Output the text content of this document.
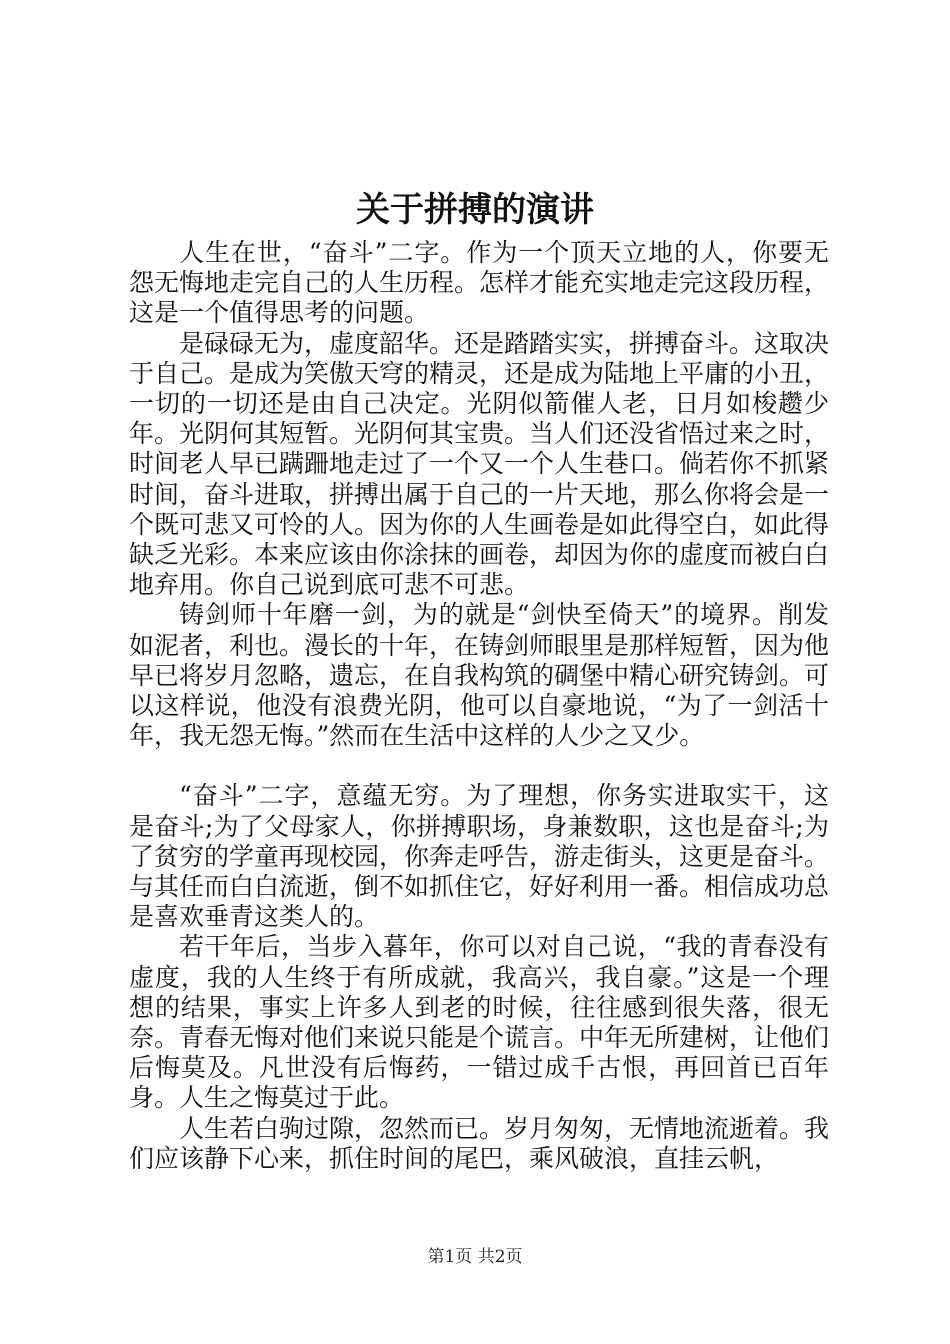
关于拼搏的演讲

人生在世，“奋斗”二字。作为一个顶天立地的人，你要无怨无悔地走完自己的人生历程。怎样才能充实地走完这段历程，这是一个值得思考的问题。

是碌碌无为，虚度韶华。还是踏踏实实，拼搏奋斗。这取决于自己。是成为笑傲天穹的精灵，还是成为陆地上平庸的小丑，一切的一切还是由自己决定。光阴似箭催人老，日月如梭趱少年。光阴何其短暂。光阴何其宝贵。当人们还没省悟过来之时，时间老人早已蹒跚地走过了一个又一个人生巷口。倘若你不抓紧时间，奋斗进取，拼搏出属于自己的一片天地，那么你将会是一个既可悲又可怜的人。因为你的人生画卷是如此得空白，如此得缺乏光彩。本来应该由你涂抹的画卷，却因为你的虚度而被白白地弃用。你自己说到底可悲不可悲。

铸剑师十年磨一剑，为的就是“剑快至倚天”的境界。削发如泥者，利也。漫长的十年，在铸剑师眼里是那样短暂，因为他早已将岁月忽略，遗忘，在自我构筑的碉堡中精心研究铸剑。可以这样说，他没有浪费光阴，他可以自豪地说，“为了一剑活十年，我无怨无悔。”然而在生活中这样的人少之又少。

“奋斗”二字，意蕴无穷。为了理想，你务实进取实干，这是奋斗;为了父母家人，你拼搏职场，身兼数职，这也是奋斗;为了贫穷的学童再现校园，你奔走呼告，游走街头，这更是奋斗。与其任而白白流逝，倒不如抓住它，好好利用一番。相信成功总是喜欢垂青这类人的。

若干年后，当步入暮年，你可以对自己说，“我的青春没有虚度，我的人生终于有所成就，我高兴，我自豪。”这是一个理想的结果，事实上许多人到老的时候，往往感到很失落，很无奈。青春无悔对他们来说只能是个谎言。中年无所建树，让他们后悔莫及。凡世没有后悔药，一错过成千古恨，再回首已百年身。人生之悔莫过于此。

人生若白驹过隙，忽然而已。岁月匆匆，无情地流逝着。我们应该静下心来，抓住时间的尾巴，乘风破浪，直挂云帆，

第1页 共2页
